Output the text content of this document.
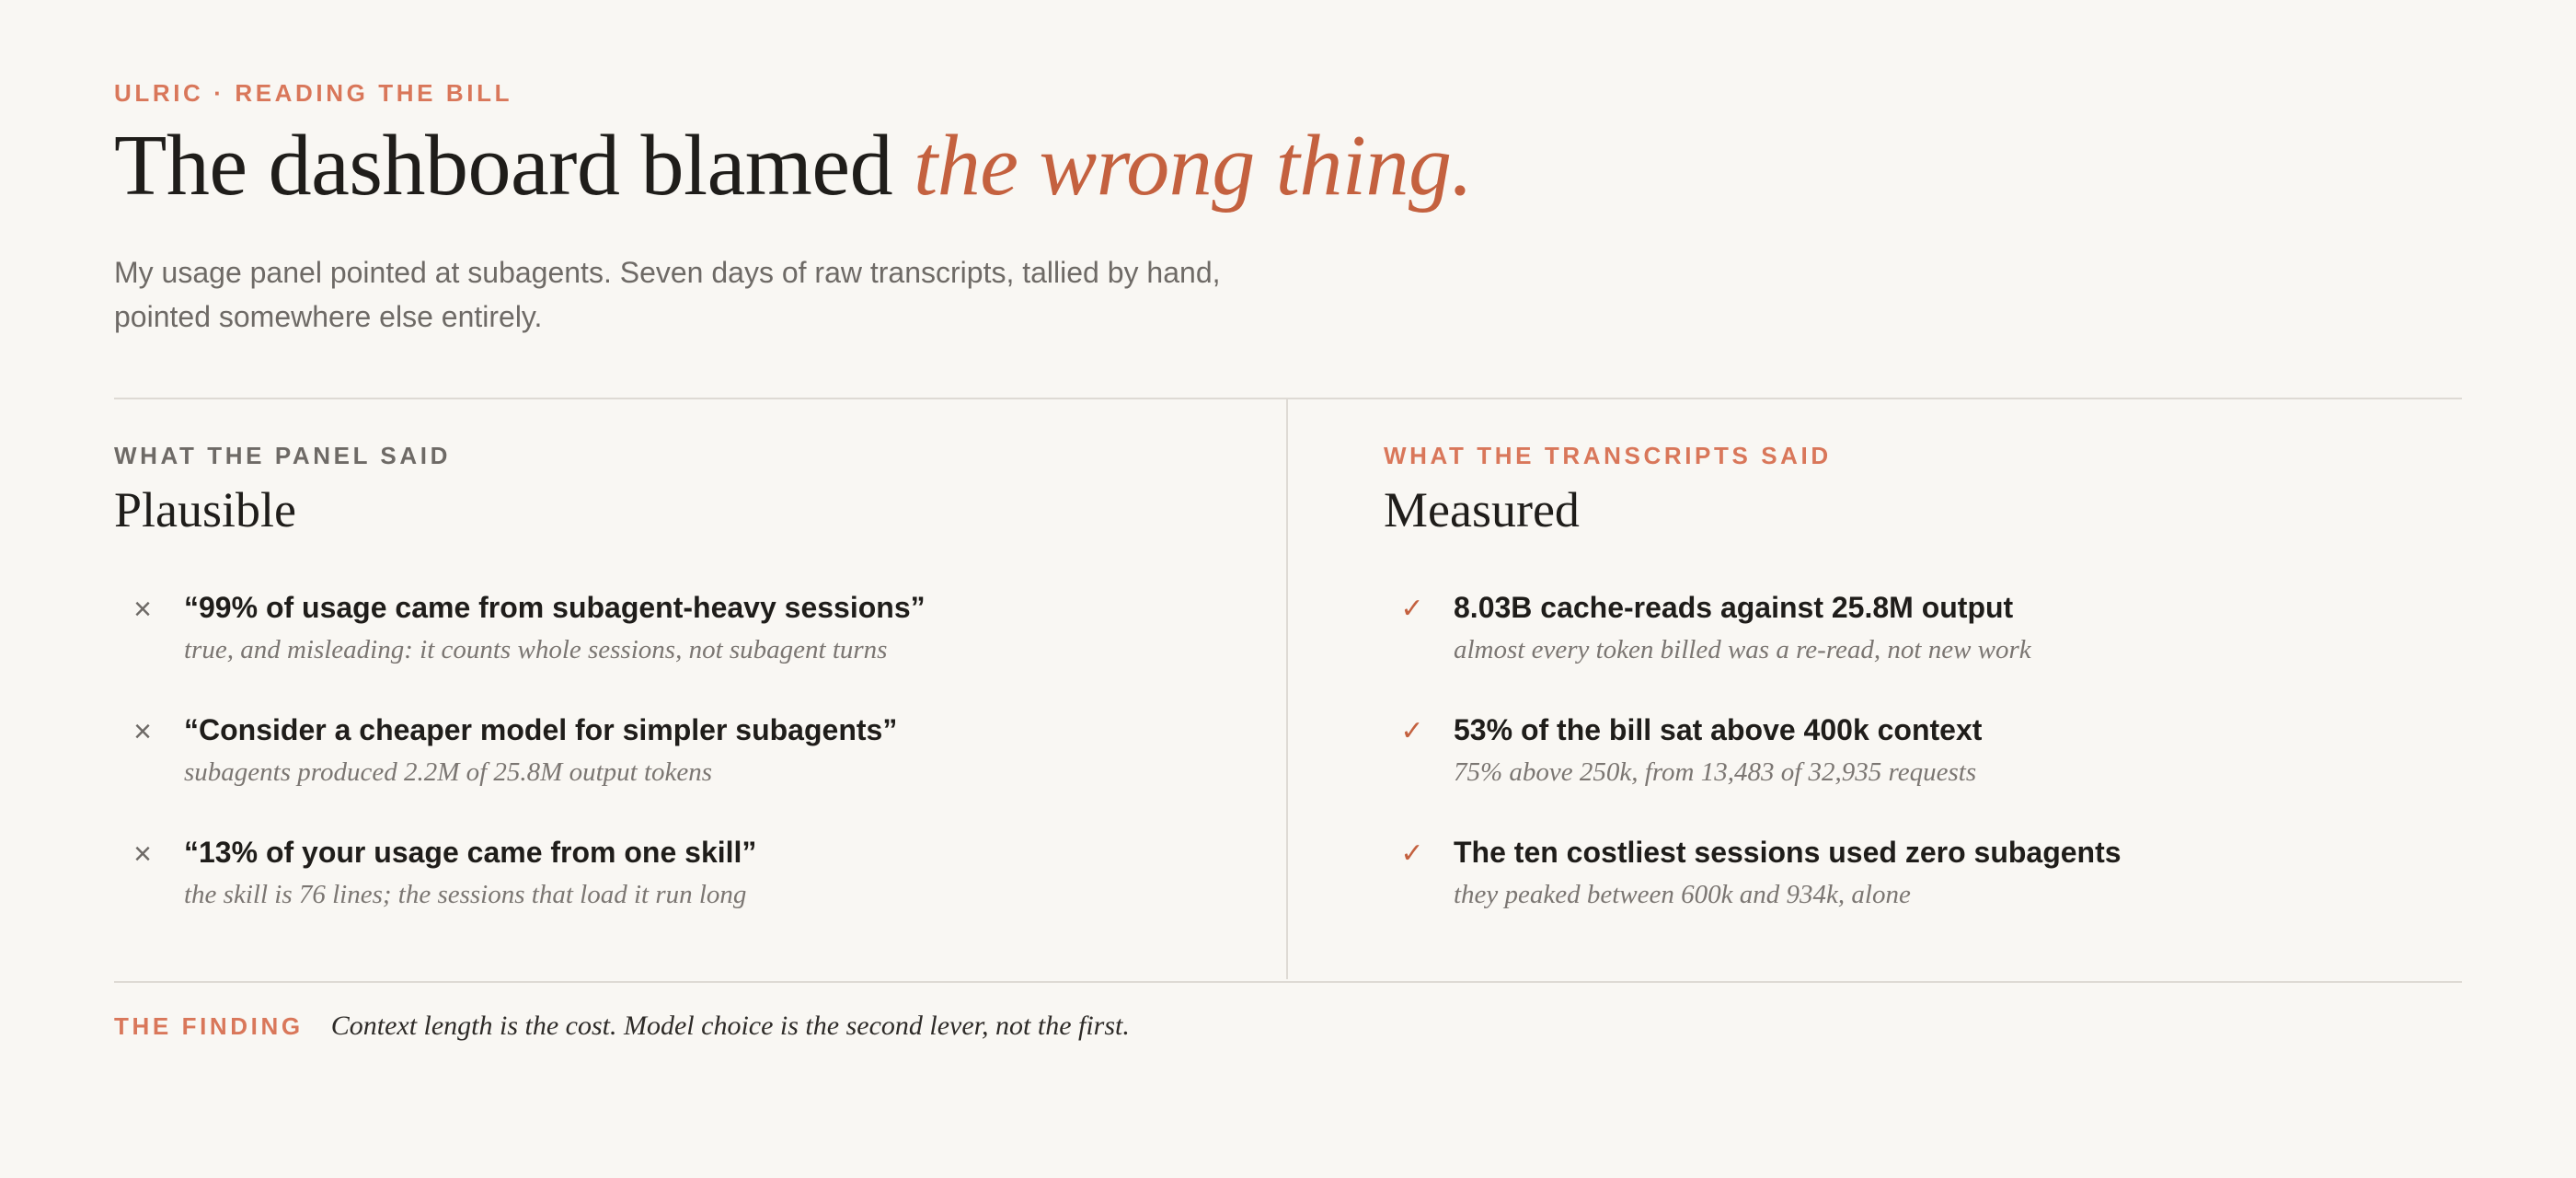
ULRIC · READING THE BILL
The dashboard blamed the wrong thing.

My usage panel pointed at subagents. Seven days of raw transcripts, tallied by hand,
pointed somewhere else entirely.

WHAT THE PANEL SAID
Plausible
× “99% of usage came from subagent-heavy sessions”
true, and misleading: it counts whole sessions, not subagent turns
× “Consider a cheaper model for simpler subagents”
subagents produced 2.2M of 25.8M output tokens
× “13% of your usage came from one skill”
the skill is 76 lines; the sessions that load it run long
WHAT THE TRANSCRIPTS SAID
Measured
✓ 8.03B cache-reads against 25.8M output
almost every token billed was a re-read, not new work
✓ 53% of the bill sat above 400k context
75% above 250k, from 13,483 of 32,935 requests
✓ The ten costliest sessions used zero subagents
they peaked between 600k and 934k, alone
THE FINDING Context length is the cost. Model choice is the second lever, not the first.
